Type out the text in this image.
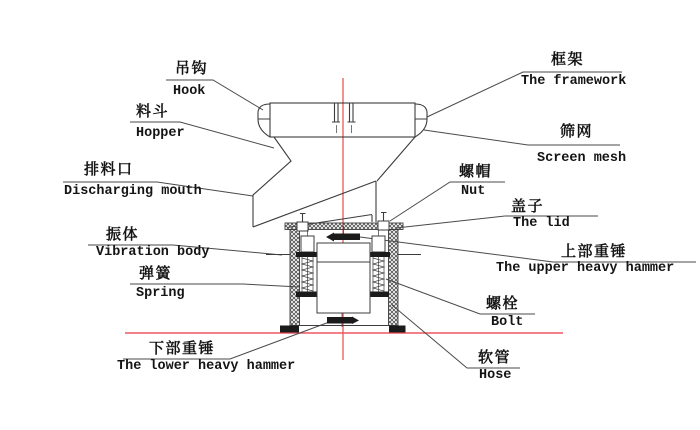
吊钩
Hook
料斗
Hopper
排料口
Discharging mouth
振体
Vibration body
弹簧
Spring
下部重锤
The lower heavy hammer
框架
The framework
筛网
Screen mesh
螺帽
Nut
盖子
The lid
上部重锤
The upper heavy hammer
螺栓
Bolt
软管
Hose
